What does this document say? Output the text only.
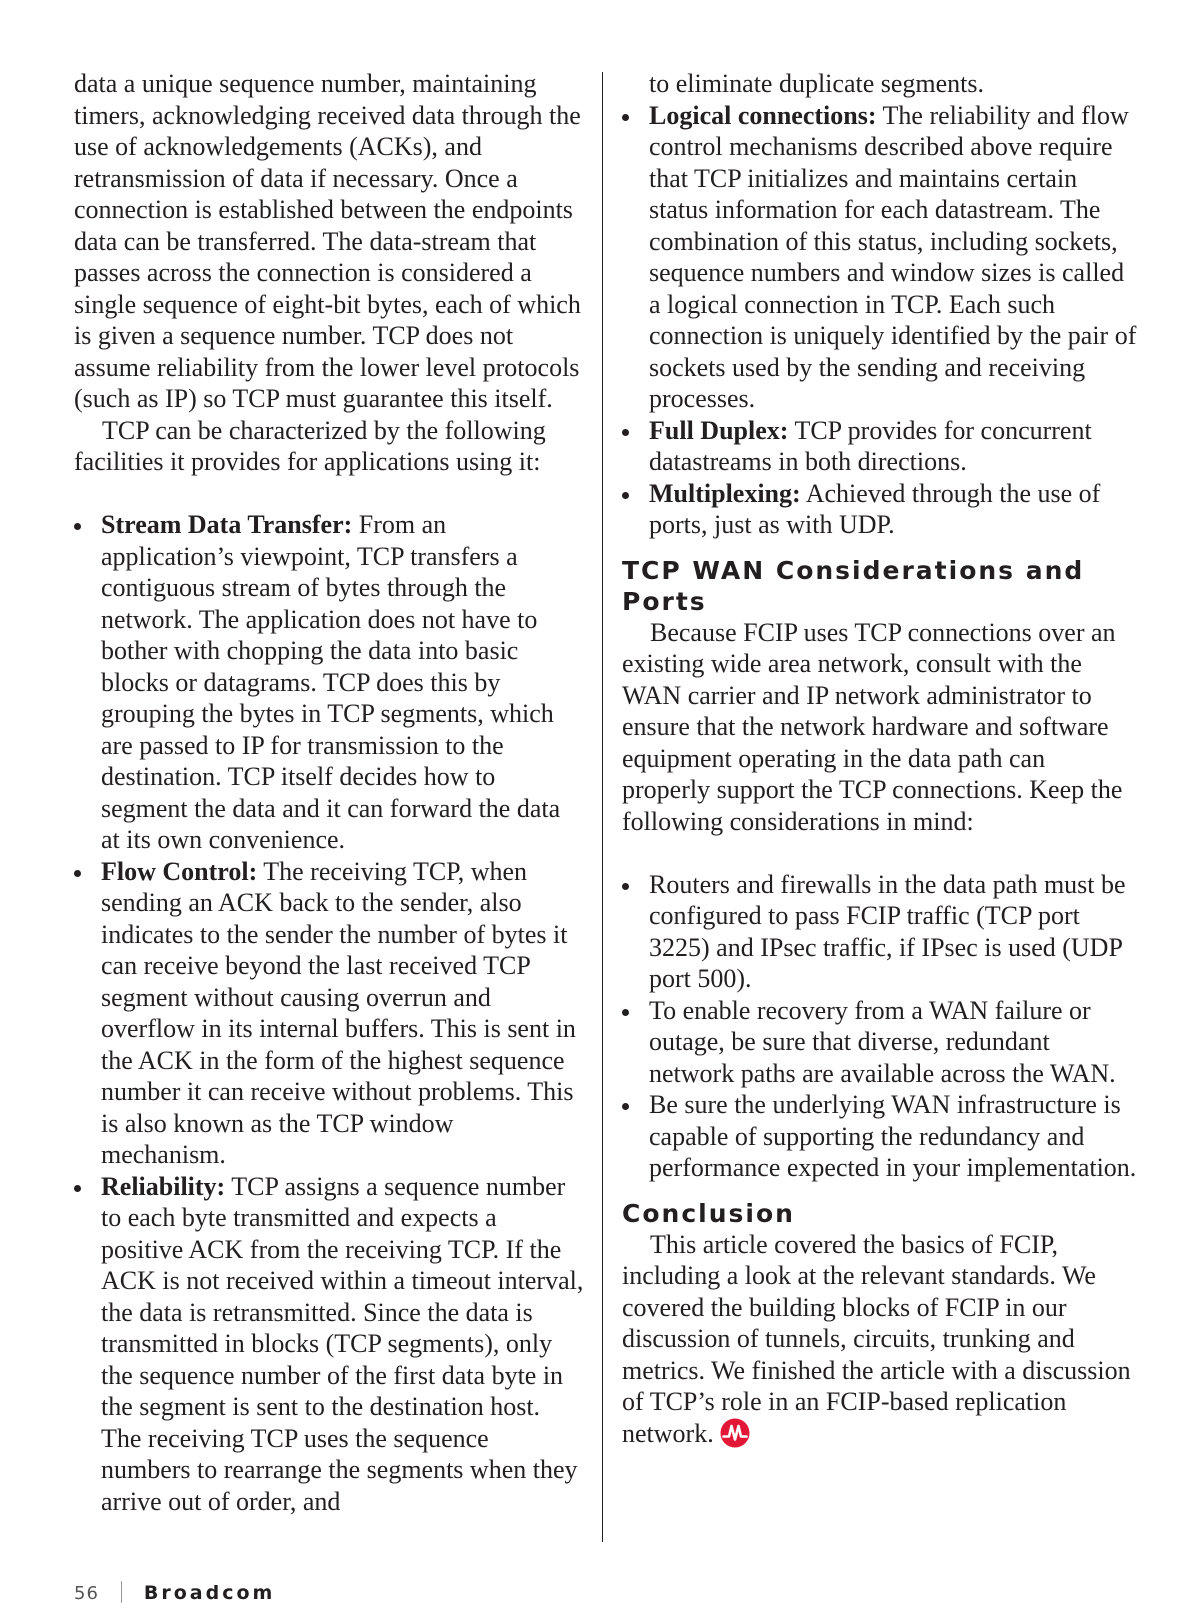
data a unique sequence number, maintaining timers, acknowledging received data through the use of acknowledgements (ACKs), and retransmission of data if necessary. Once a connection is established between the endpoints data can be transferred. The data-stream that passes across the connection is considered a single sequence of eight-bit bytes, each of which is given a sequence number. TCP does not assume reliability from the lower level protocols (such as IP) so TCP must guarantee this itself.

TCP can be characterized by the following facilities it provides for applications using it:

Stream Data Transfer: From an application’s viewpoint, TCP transfers a contiguous stream of bytes through the network. The application does not have to bother with chopping the data into basic blocks or datagrams. TCP does this by grouping the bytes in TCP segments, which are passed to IP for transmission to the destination. TCP itself decides how to segment the data and it can forward the data at its own convenience.
Flow Control: The receiving TCP, when sending an ACK back to the sender, also indicates to the sender the number of bytes it can receive beyond the last received TCP segment without causing overrun and overflow in its internal buffers. This is sent in the ACK in the form of the highest sequence number it can receive without problems. This is also known as the TCP window mechanism.
Reliability: TCP assigns a sequence number to each byte transmitted and expects a positive ACK from the receiving TCP. If the ACK is not received within a timeout interval, the data is retransmitted. Since the data is transmitted in blocks (TCP segments), only the sequence number of the first data byte in the segment is sent to the destination host. The receiving TCP uses the sequence numbers to rearrange the segments when they arrive out of order, and

to eliminate duplicate segments.

Logical connections: The reliability and flow control mechanisms described above require that TCP initializes and maintains certain status information for each datastream. The combination of this status, including sockets, sequence numbers and window sizes is called a logical connection in TCP. Each such connection is uniquely identified by the pair of sockets used by the sending and receiving processes.
Full Duplex: TCP provides for concurrent datastreams in both directions.
Multiplexing: Achieved through the use of ports, just as with UDP.
TCP WAN Considerations and Ports

Because FCIP uses TCP connections over an existing wide area network, consult with the WAN carrier and IP network administrator to ensure that the network hardware and software equipment operating in the data path can properly support the TCP connections. Keep the following considerations in mind:

Routers and firewalls in the data path must be configured to pass FCIP traffic (TCP port 3225) and IPsec traffic, if IPsec is used (UDP port 500).
To enable recovery from a WAN failure or outage, be sure that diverse, redundant network paths are available across the WAN.
Be sure the underlying WAN infrastructure is capable of supporting the redundancy and performance expected in your implementation.
Conclusion

This article covered the basics of FCIP, including a look at the relevant standards. We covered the building blocks of FCIP in our discussion of tunnels, circuits, trunking and metrics. We finished the article with a discussion of TCP’s role in an FCIP-based replication network.

56 Broadcom
